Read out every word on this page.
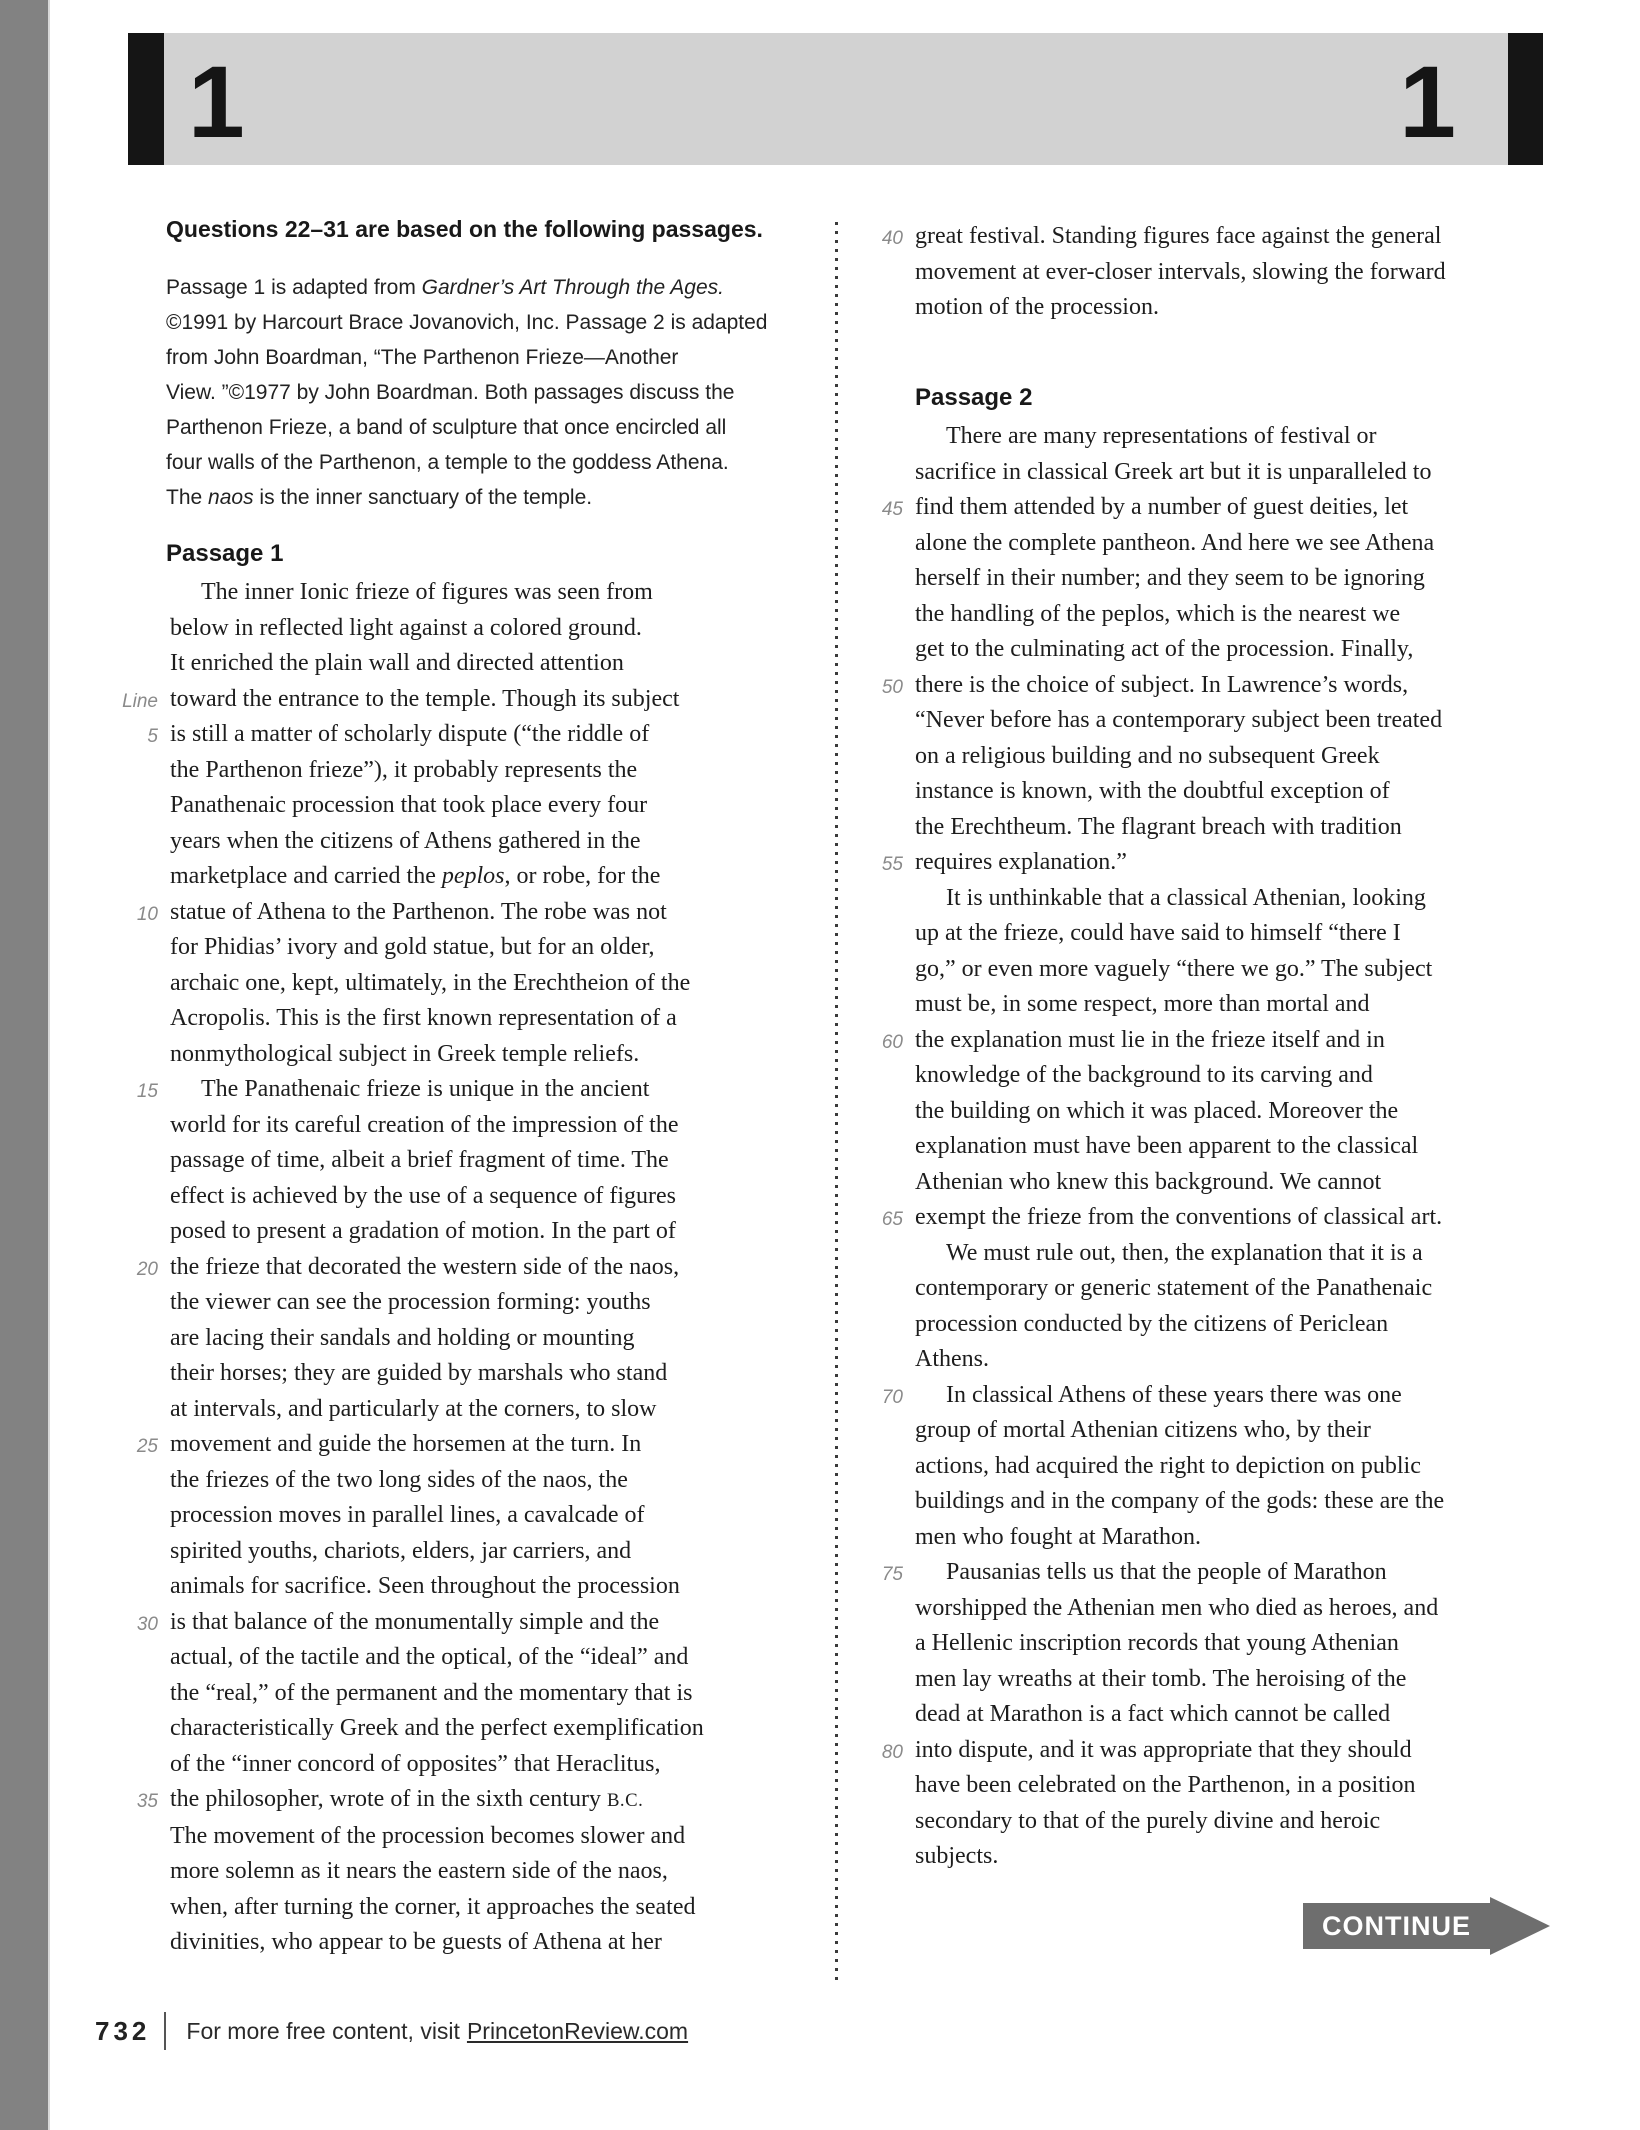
1	1
Questions 22–31 are based on the following passages.
Passage 1 is adapted from Gardner’s Art Through the Ages.
©1991 by Harcourt Brace Jovanovich, Inc. Passage 2 is adapted
from John Boardman, “The Parthenon Frieze—Another
View. ”©1977 by John Boardman. Both passages discuss the
Parthenon Frieze, a band of sculpture that once encircled all
four walls of the Parthenon, a temple to the goddess Athena.
The naos is the inner sanctuary of the temple.
Passage 1
The inner Ionic frieze of figures was seen from
below in reflected light against a colored ground.
It enriched the plain wall and directed attention
Line toward the entrance to the temple. Though its subject
5 is still a matter of scholarly dispute (“the riddle of
the Parthenon frieze”), it probably represents the
Panathenaic procession that took place every four
years when the citizens of Athens gathered in the
marketplace and carried the peplos, or robe, for the
10 statue of Athena to the Parthenon. The robe was not
for Phidias’ ivory and gold statue, but for an older,
archaic one, kept, ultimately, in the Erechtheion of the
Acropolis. This is the first known representation of a
nonmythological subject in Greek temple reliefs.
15 The Panathenaic frieze is unique in the ancient
world for its careful creation of the impression of the
passage of time, albeit a brief fragment of time. The
effect is achieved by the use of a sequence of figures
posed to present a gradation of motion. In the part of
20 the frieze that decorated the western side of the naos,
the viewer can see the procession forming: youths
are lacing their sandals and holding or mounting
their horses; they are guided by marshals who stand
at intervals, and particularly at the corners, to slow
25 movement and guide the horsemen at the turn. In
the friezes of the two long sides of the naos, the
procession moves in parallel lines, a cavalcade of
spirited youths, chariots, elders, jar carriers, and
animals for sacrifice. Seen throughout the procession
30 is that balance of the monumentally simple and the
actual, of the tactile and the optical, of the “ideal” and
the “real,” of the permanent and the momentary that is
characteristically Greek and the perfect exemplification
of the “inner concord of opposites” that Heraclitus,
35 the philosopher, wrote of in the sixth century B.C.
The movement of the procession becomes slower and
more solemn as it nears the eastern side of the naos,
when, after turning the corner, it approaches the seated
divinities, who appear to be guests of Athena at her
40 great festival. Standing figures face against the general
movement at ever-closer intervals, slowing the forward
motion of the procession.
Passage 2
There are many representations of festival or
sacrifice in classical Greek art but it is unparalleled to
45 find them attended by a number of guest deities, let
alone the complete pantheon. And here we see Athena
herself in their number; and they seem to be ignoring
the handling of the peplos, which is the nearest we
get to the culminating act of the procession. Finally,
50 there is the choice of subject. In Lawrence’s words,
“Never before has a contemporary subject been treated
on a religious building and no subsequent Greek
instance is known, with the doubtful exception of
the Erechtheum. The flagrant breach with tradition
55 requires explanation.”
It is unthinkable that a classical Athenian, looking
up at the frieze, could have said to himself “there I
go,” or even more vaguely “there we go.” The subject
must be, in some respect, more than mortal and
60 the explanation must lie in the frieze itself and in
knowledge of the background to its carving and
the building on which it was placed. Moreover the
explanation must have been apparent to the classical
Athenian who knew this background. We cannot
65 exempt the frieze from the conventions of classical art.
We must rule out, then, the explanation that it is a
contemporary or generic statement of the Panathenaic
procession conducted by the citizens of Periclean
Athens.
70 In classical Athens of these years there was one
group of mortal Athenian citizens who, by their
actions, had acquired the right to depiction on public
buildings and in the company of the gods: these are the
men who fought at Marathon.
75 Pausanias tells us that the people of Marathon
worshipped the Athenian men who died as heroes, and
a Hellenic inscription records that young Athenian
men lay wreaths at their tomb. The heroising of the
dead at Marathon is a fact which cannot be called
80 into dispute, and it was appropriate that they should
have been celebrated on the Parthenon, in a position
secondary to that of the purely divine and heroic
subjects.
CONTINUE
732 For more free content, visit PrincetonReview.com
